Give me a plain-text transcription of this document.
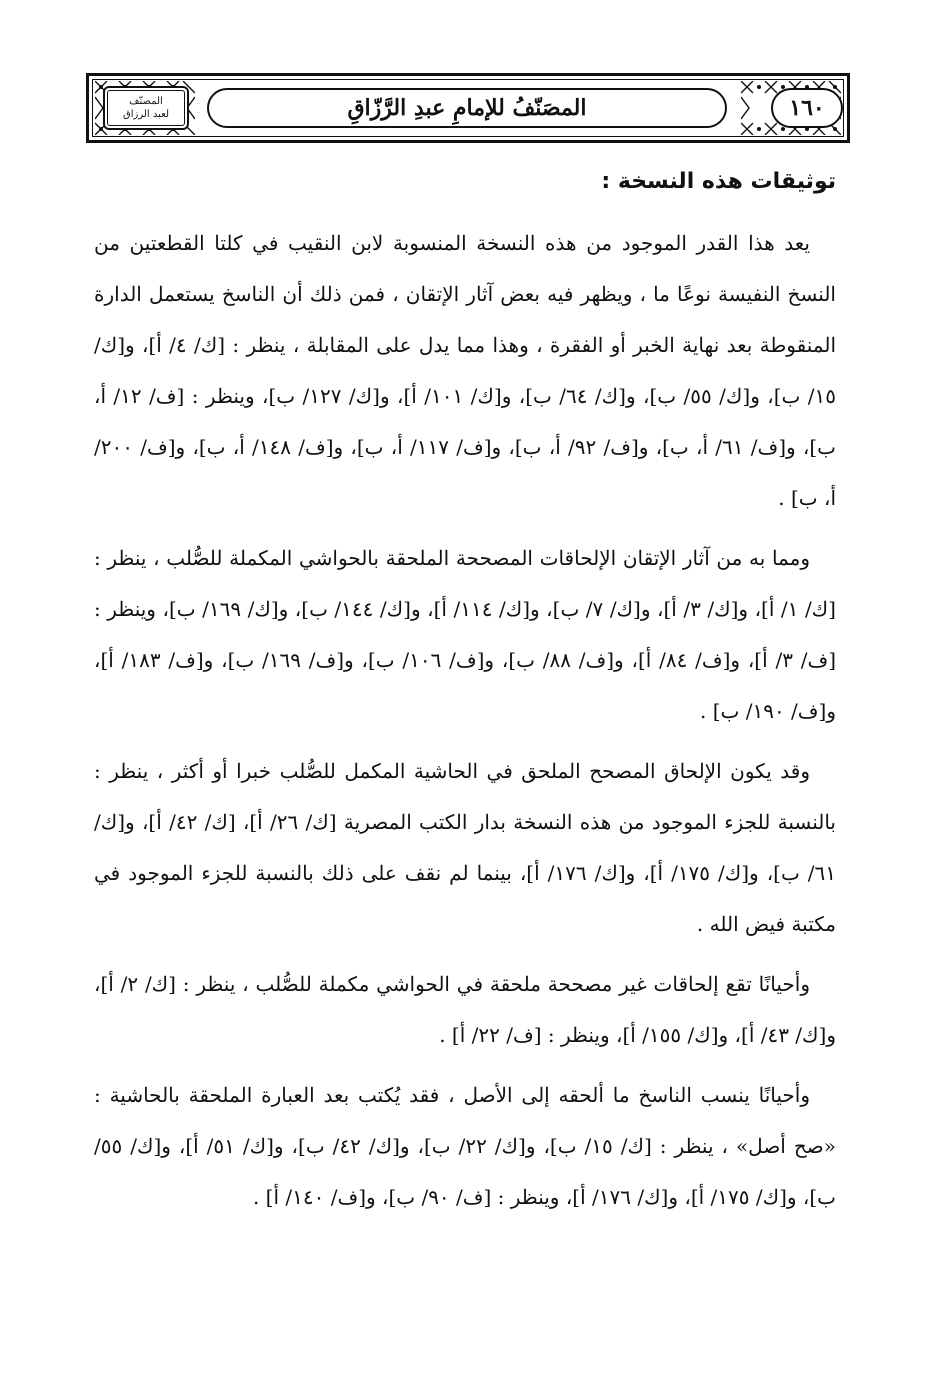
المصنّف
لعبد الرزاق	المصَنّفُ للإمامِ عبدِ الرَّزّاقِ	١٦٠
توثيقات هذه النسخة :

يعد هذا القدر الموجود من هذه النسخة المنسوبة لابن النقيب في كلتا القطعتين من النسخ النفيسة نوعًا ما ، ويظهر فيه بعض آثار الإتقان ، فمن ذلك أن الناسخ يستعمل الدارة المنقوطة بعد نهاية الخبر أو الفقرة ، وهذا مما يدل على المقابلة ، ينظر : [ك/ ٤/ أ]، و[ك/ ١٥/ ب]، و[ك/ ٥٥/ ب]، و[ك/ ٦٤/ ب]، و[ك/ ١٠١/ أ]، و[ك/ ١٢٧/ ب]، وينظر : [ف/ ١٢/ أ، ب]، و[ف/ ٦١/ أ، ب]، و[ف/ ٩٢/ أ، ب]، و[ف/ ١١٧/ أ، ب]، و[ف/ ١٤٨/ أ، ب]، و[ف/ ٢٠٠/ أ، ب] .

ومما به من آثار الإتقان الإلحاقات المصححة الملحقة بالحواشي المكملة للصُّلب ، ينظر : [ك/ ١/ أ]، و[ك/ ٣/ أ]، و[ك/ ٧/ ب]، و[ك/ ١١٤/ أ]، و[ك/ ١٤٤/ ب]، و[ك/ ١٦٩/ ب]، وينظر : [ف/ ٣/ أ]، و[ف/ ٨٤/ أ]، و[ف/ ٨٨/ ب]، و[ف/ ١٠٦/ ب]، و[ف/ ١٦٩/ ب]، و[ف/ ١٨٣/ أ]، و[ف/ ١٩٠/ ب] .

وقد يكون الإلحاق المصحح الملحق في الحاشية المكمل للصُّلب خبرا أو أكثر ، ينظر : بالنسبة للجزء الموجود من هذه النسخة بدار الكتب المصرية [ك/ ٢٦/ أ]، [ك/ ٤٢/ أ]، و[ك/ ٦١/ ب]، و[ك/ ١٧٥/ أ]، و[ك/ ١٧٦/ أ]، بينما لم نقف على ذلك بالنسبة للجزء الموجود في مكتبة فيض الله .

وأحيانًا تقع إلحاقات غير مصححة ملحقة في الحواشي مكملة للصُّلب ، ينظر : [ك/ ٢/ أ]، و[ك/ ٤٣/ أ]، و[ك/ ١٥٥/ أ]، وينظر : [ف/ ٢٢/ أ] .

وأحيانًا ينسب الناسخ ما ألحقه إلى الأصل ، فقد يُكتب بعد العبارة الملحقة بالحاشية : «صح أصل» ، ينظر : [ك/ ١٥/ ب]، و[ك/ ٢٢/ ب]، و[ك/ ٤٢/ ب]، و[ك/ ٥١/ أ]، و[ك/ ٥٥/ ب]، و[ك/ ١٧٥/ أ]، و[ك/ ١٧٦/ أ]، وينظر : [ف/ ٩٠/ ب]، و[ف/ ١٤٠/ أ] .
